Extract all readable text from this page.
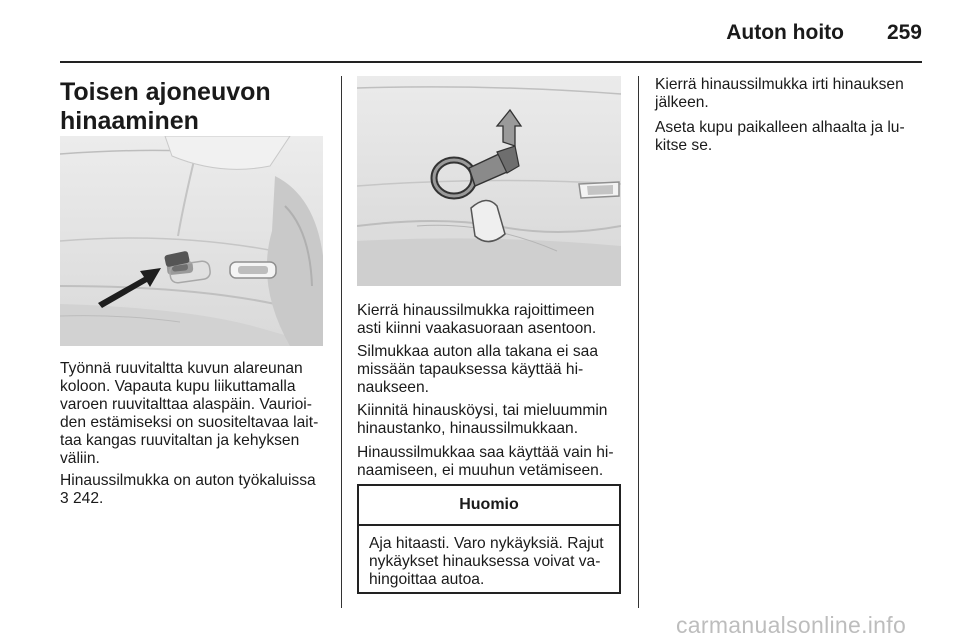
Auton hoito	259
Toisen ajoneuvon
hinaaminen

Työnnä ruuvitaltta kuvun alareunan
koloon. Vapauta kupu liikuttamalla
varoen ruuvitalttaa alaspäin. Vaurioi-
den estämiseksi on suositeltavaa lait-
taa kangas ruuvitaltan ja kehyksen
väliin.

Hinaussilmukka on auton työkaluissa
3 242.

Kierrä hinaussilmukka rajoittimeen
asti kiinni vaakasuoraan asentoon.

Silmukkaa auton alla takana ei saa
missään tapauksessa käyttää hi-
naukseen.

Kiinnitä hinausköysi, tai mieluummin
hinaustanko, hinaussilmukkaan.

Hinaussilmukkaa saa käyttää vain hi-
naamiseen, ei muuhun vetämiseen.

Huomio
Aja hitaasti. Varo nykäyksiä. Rajut
nykäykset hinauksessa voivat va-
hingoittaa autoa.

Kierrä hinaussilmukka irti hinauksen
jälkeen.

Aseta kupu paikalleen alhaalta ja lu-
kitse se.

carmanualsonline.info
